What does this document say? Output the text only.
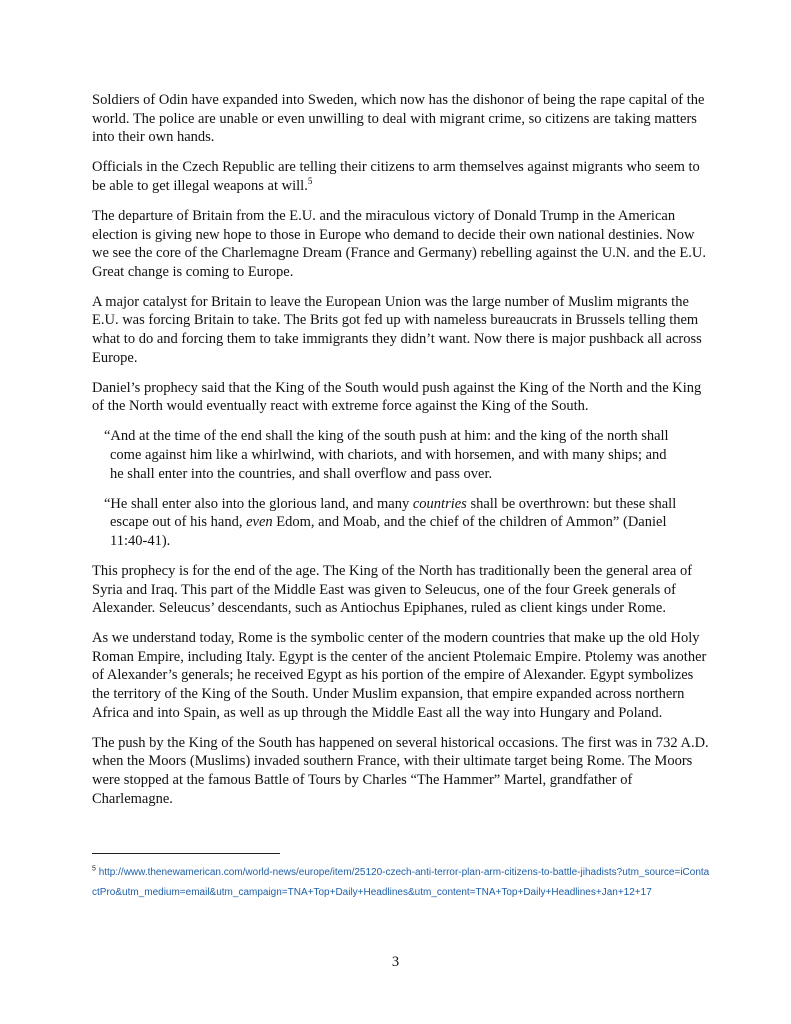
Soldiers of Odin have expanded into Sweden, which now has the dishonor of being the rape capital of the world. The police are unable or even unwilling to deal with migrant crime, so citizens are taking matters into their own hands.

Officials in the Czech Republic are telling their citizens to arm themselves against migrants who seem to be able to get illegal weapons at will.$^5$

The departure of Britain from the E.U. and the miraculous victory of Donald Trump in the American election is giving new hope to those in Europe who demand to decide their own national destinies. Now we see the core of the Charlemagne Dream (France and Germany) rebelling against the U.N. and the E.U. Great change is coming to Europe.

A major catalyst for Britain to leave the European Union was the large number of Muslim migrants the E.U. was forcing Britain to take. The Brits got fed up with nameless bureaucrats in Brussels telling them what to do and forcing them to take immigrants they didn’t want. Now there is major pushback all across Europe.

Daniel’s prophecy said that the King of the South would push against the King of the North and the King of the North would eventually react with extreme force against the King of the South.

“And at the time of the end shall the king of the south push at him: and the king of the north shall come against him like a whirlwind, with chariots, and with horsemen, and with many ships; and he shall enter into the countries, and shall overflow and pass over.

“He shall enter also into the glorious land, and many countries shall be overthrown: but these shall escape out of his hand, even Edom, and Moab, and the chief of the children of Ammon” (Daniel 11:40-41).

This prophecy is for the end of the age. The King of the North has traditionally been the general area of Syria and Iraq. This part of the Middle East was given to Seleucus, one of the four Greek generals of Alexander. Seleucus’ descendants, such as Antiochus Epiphanes, ruled as client kings under Rome.

As we understand today, Rome is the symbolic center of the modern countries that make up the old Holy Roman Empire, including Italy. Egypt is the center of the ancient Ptolemaic Empire. Ptolemy was another of Alexander’s generals; he received Egypt as his portion of the empire of Alexander. Egypt symbolizes the territory of the King of the South. Under Muslim expansion, that empire expanded across northern Africa and into Spain, as well as up through the Middle East all the way into Hungary and Poland.

The push by the King of the South has happened on several historical occasions. The first was in 732 A.D. when the Moors (Muslims) invaded southern France, with their ultimate target being Rome. The Moors were stopped at the famous Battle of Tours by Charles “The Hammer” Martel, grandfather of Charlemagne.

$^5$ http://www.thenewamerican.com/world-news/europe/item/25120-czech-anti-terror-plan-arm-citizens-to-battle-jihadists?utm_source=iContactPro&utm_medium=email&utm_campaign=TNA+Top+Daily+Headlines&utm_content=TNA+Top+Daily+Headlines+Jan+12+17
3
